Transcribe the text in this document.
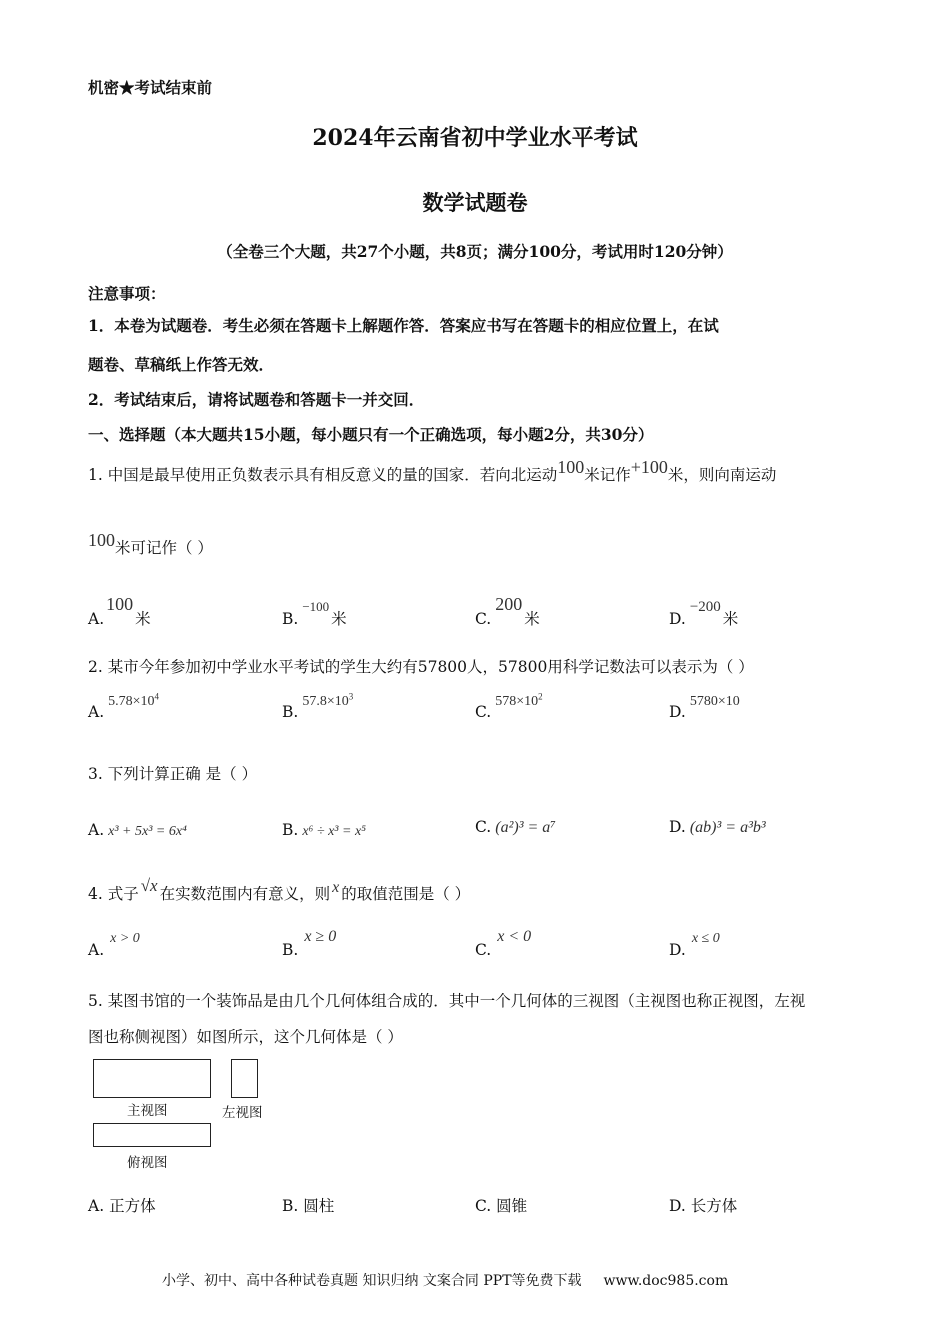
机密★考试结束前
2024年云南省初中学业水平考试
数学试题卷
（全卷三个大题，共27个小题，共8页；满分100分，考试用时120分钟）
注意事项：
1．本卷为试题卷．考生必须在答题卡上解题作答．答案应书写在答题卡的相应位置上，在试
题卷、草稿纸上作答无效．
2．考试结束后，请将试题卷和答题卡一并交回．
一、选择题（本大题共15小题，每小题只有一个正确选项，每小题2分，共30分）
1. 中国是最早使用正负数表示具有相反意义的量的国家．若向北运动100米记作+100米，则向南运动
100米可记作（ ）
A.100米	B.$^{-100}$米	C.200米	D.−200米
2. 某市今年参加初中学业水平考试的学生大约有57800人，57800用科学记数法可以表示为（ ）
$A.5.78\times 10^4$
$B.57.8\times 10^3$
$C.578\times 10^2$
D.5780×10
3. 下列计算正确 是（ ）
A. x³ + 5x³ = 6x⁴	B. x⁶ ÷ x³ = x⁵	C. (a²)³ = a⁷	D. (ab)³ = a³b³
4. 式子 √x 在实数范围内有意义，则 x 的取值范围是（ ）
A.x > 0
B.x ≥ 0
C.x < 0
D.x ≤ 0
5. 某图书馆的一个装饰品是由几个几何体组合成的．其中一个几何体的三视图（主视图也称正视图，左视
图也称侧视图）如图所示，这个几何体是（ ）
主视图	左视图
俯视图
A. 正方体	B. 圆柱	C. 圆锥	D. 长方体
小学、初中、高中各种试卷真题 知识归纳 文案合同 PPT等免费下载 www.doc985.com
